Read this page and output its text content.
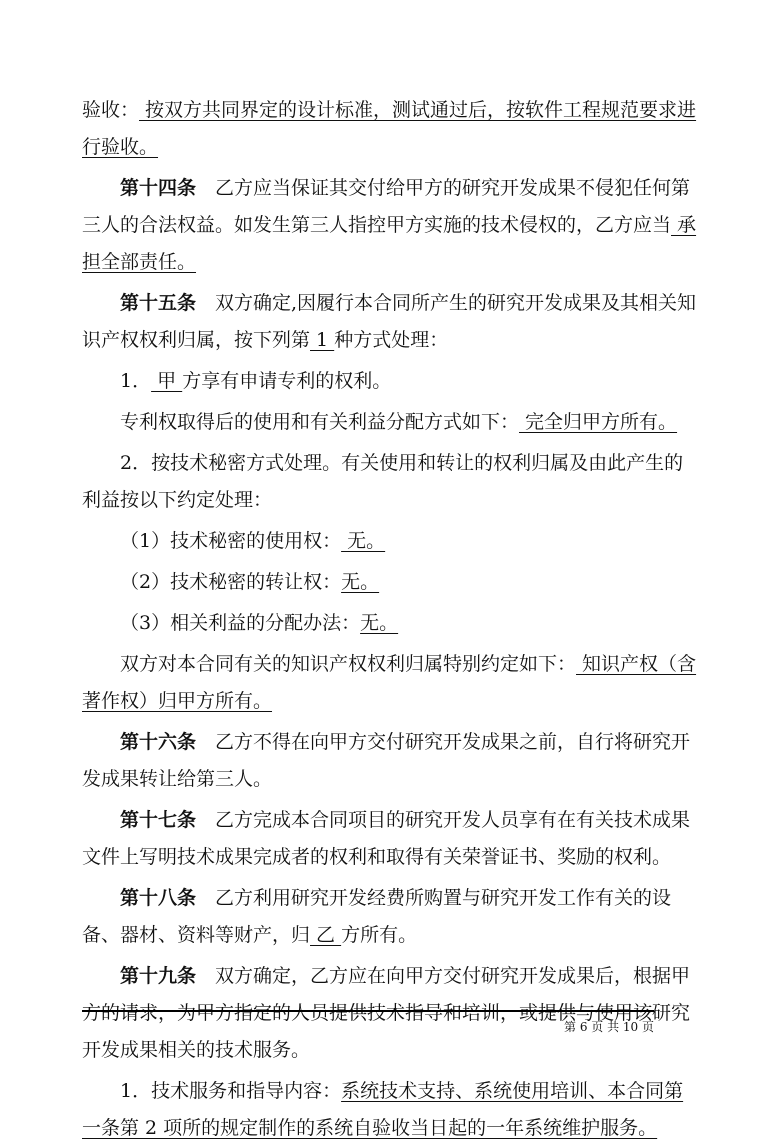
验收： 按双方共同界定的设计标准，测试通过后，按软件工程规范要求进行验收。

第十四条　乙方应当保证其交付给甲方的研究开发成果不侵犯任何第三人的合法权益。如发生第三人指控甲方实施的技术侵权的，乙方应当 承担全部责任。

第十五条　双方确定,因履行本合同所产生的研究开发成果及其相关知识产权权利归属，按下列第 1 种方式处理：

1． 甲 方享有申请专利的权利。

专利权取得后的使用和有关利益分配方式如下： 完全归甲方所有。

2．按技术秘密方式处理。有关使用和转让的权利归属及由此产生的利益按以下约定处理：

（1）技术秘密的使用权： 无。

（2）技术秘密的转让权：无。

（3）相关利益的分配办法：无。

双方对本合同有关的知识产权权利归属特别约定如下： 知识产权（含著作权）归甲方所有。

第十六条　乙方不得在向甲方交付研究开发成果之前，自行将研究开发成果转让给第三人。

第十七条　乙方完成本合同项目的研究开发人员享有在有关技术成果文件上写明技术成果完成者的权利和取得有关荣誉证书、奖励的权利。

第十八条　乙方利用研究开发经费所购置与研究开发工作有关的设备、器材、资料等财产，归 乙 方所有。

第十九条　双方确定，乙方应在向甲方交付研究开发成果后，根据甲方的请求，为甲方指定的人员提供技术指导和培训，或提供与使用该研究开发成果相关的技术服务。

1．技术服务和指导内容：系统技术支持、系统使用培训、本合同第一条第 2 项所的规定制作的系统自验收当日起的一年系统维护服务。

第 6 页 共 10 页
